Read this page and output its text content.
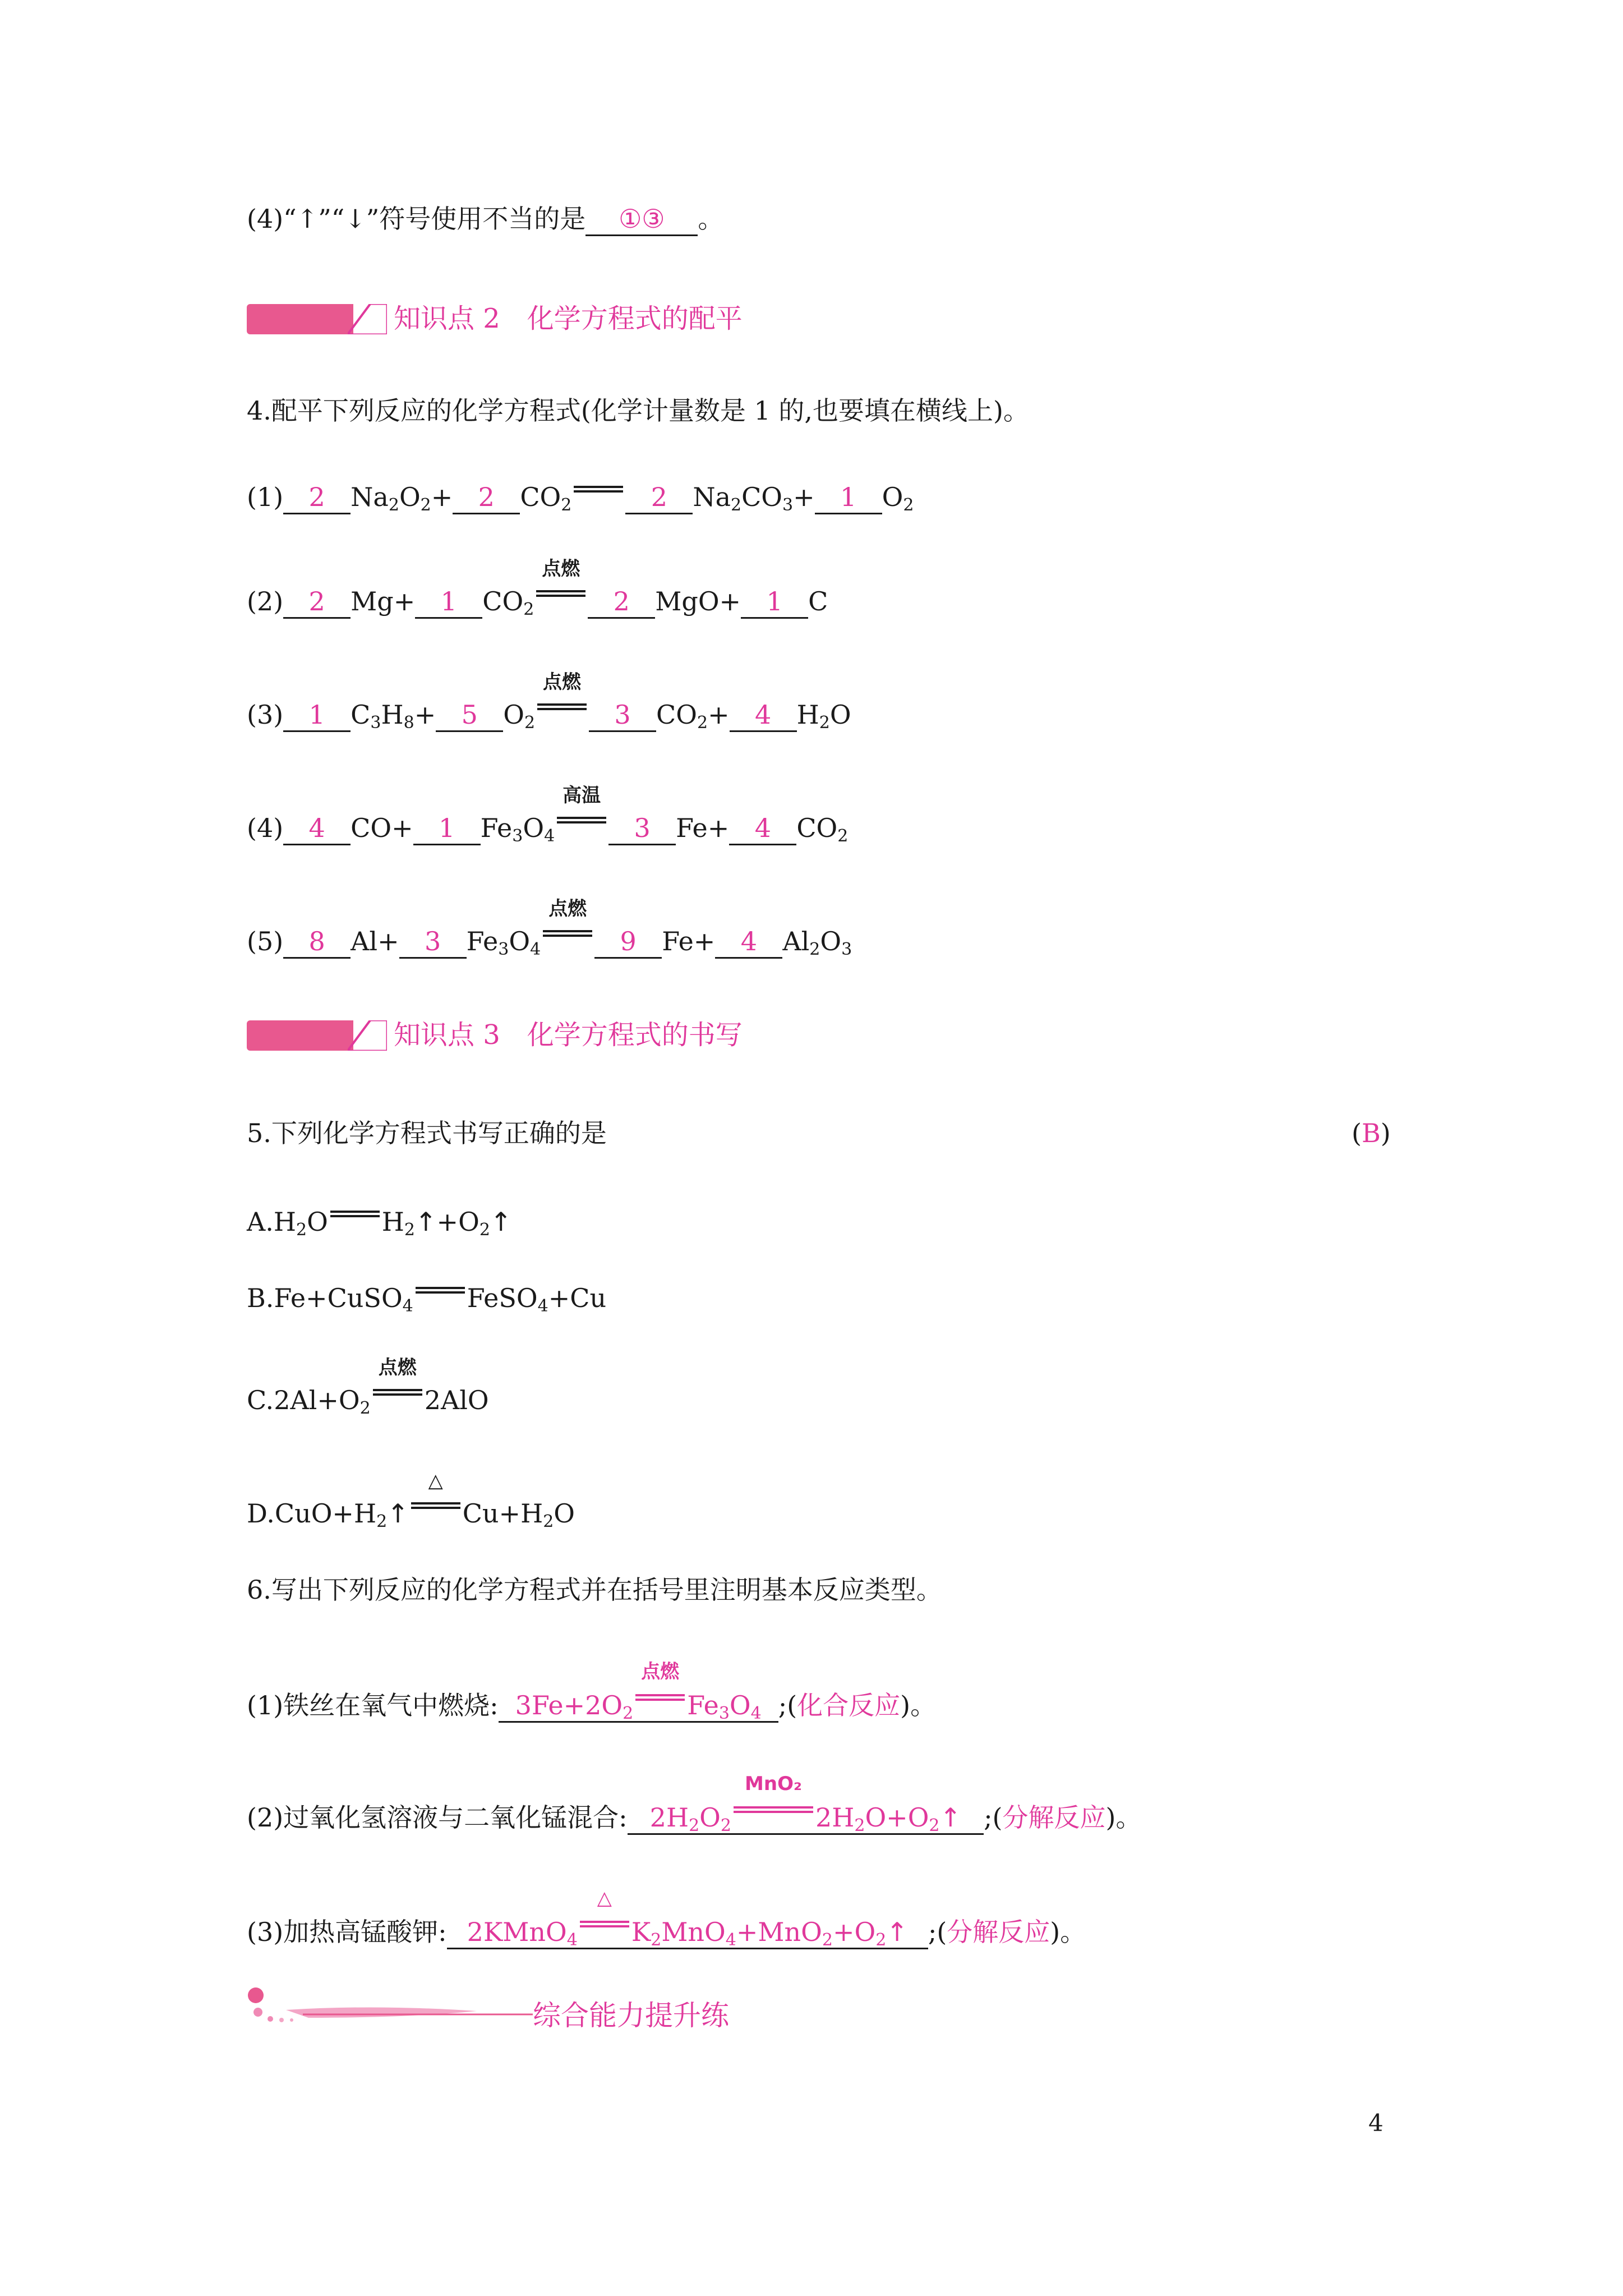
(4)“↑”“↓”符号使用不当的是 ①③ 。
知识点 2　化学方程式的配平
4.配平下列反应的化学方程式(化学计量数是 1 的,也要填在横线上)。
(1) 2 $Na_2O_2+ 2$ $CO_2$	2 $Na_2CO_3+ 1$ $O_2$
(2) 2 Mg+ 1 $CO_2$
点燃
2 MgO+ 1 C
(3) 1 $C_3H_8+ 5$ $O_2$
点燃
3 $CO_2+ 4$ $H_2O$
(4) 4 CO+ 1 $Fe_3O_4$
高温
3 Fe+ 4 $CO_2$
(5) 8 Al+ 3 $Fe_3O_4$
点燃
9 Fe+ 4 $Al_2O_3$
知识点 3　化学方程式的书写
5.下列化学方程式书写正确的是	(B)
$A.H_2O$ $H_2↑+O_2↑$
B.Fe+CuSO$_4$ FeSO$_4$+Cu
$C.2Al+O_2$
点燃
2AlO
$D.CuO+H_2↑$
△
$Cu+H_2O$
6.写出下列反应的化学方程式并在括号里注明基本反应类型。
(1)铁丝在氧气中燃烧: $3Fe+2O_2$
点燃
$Fe_3O_4$ ;(化合反应)。
(2)过氧化氢溶液与二氧化锰混合: $2H_2O_2$
MnO₂
$2H_2O+O_2↑$ ;(分解反应)。
(3)加热高锰酸钾: 2KMnO$_4$
△
$K_2MnO_4+MnO_2+O_2↑$ ;(分解反应)。
综合能力提升练
4
